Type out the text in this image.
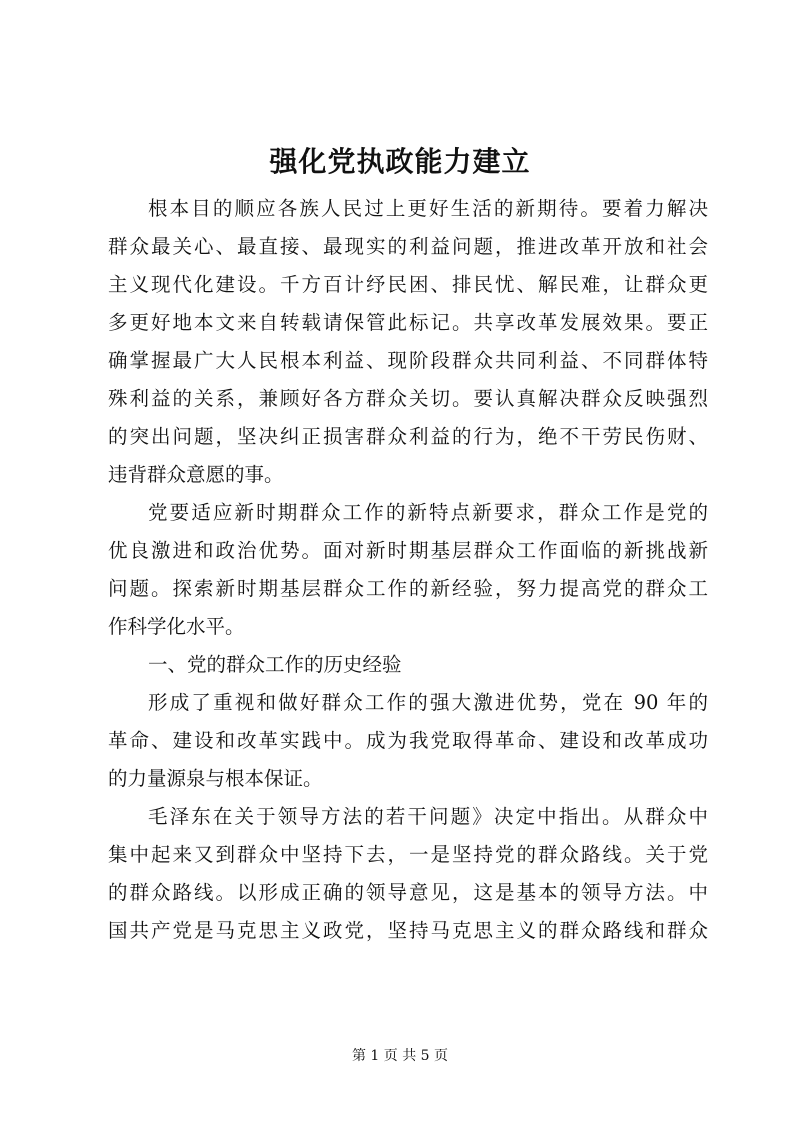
强化党执政能力建立
根本目的顺应各族人民过上更好生活的新期待。要着力解决
群众最关心、最直接、最现实的利益问题，推进改革开放和社会
主义现代化建设。千方百计纾民困、排民忧、解民难，让群众更
多更好地本文来自转载请保管此标记。共享改革发展效果。要正
确掌握最广大人民根本利益、现阶段群众共同利益、不同群体特
殊利益的关系，兼顾好各方群众关切。要认真解决群众反映强烈
的突出问题，坚决纠正损害群众利益的行为，绝不干劳民伤财、
违背群众意愿的事。
党要适应新时期群众工作的新特点新要求，群众工作是党的
优良激进和政治优势。面对新时期基层群众工作面临的新挑战新
问题。探索新时期基层群众工作的新经验，努力提高党的群众工
作科学化水平。
一、党的群众工作的历史经验
形成了重视和做好群众工作的强大激进优势，党在 90 年的
革命、建设和改革实践中。成为我党取得革命、建设和改革成功
的力量源泉与根本保证。
毛泽东在关于领导方法的若干问题》决定中指出。从群众中
集中起来又到群众中坚持下去，一是坚持党的群众路线。关于党
的群众路线。以形成正确的领导意见，这是基本的领导方法。中
国共产党是马克思主义政党，坚持马克思主义的群众路线和群众
第 1 页 共 5 页
